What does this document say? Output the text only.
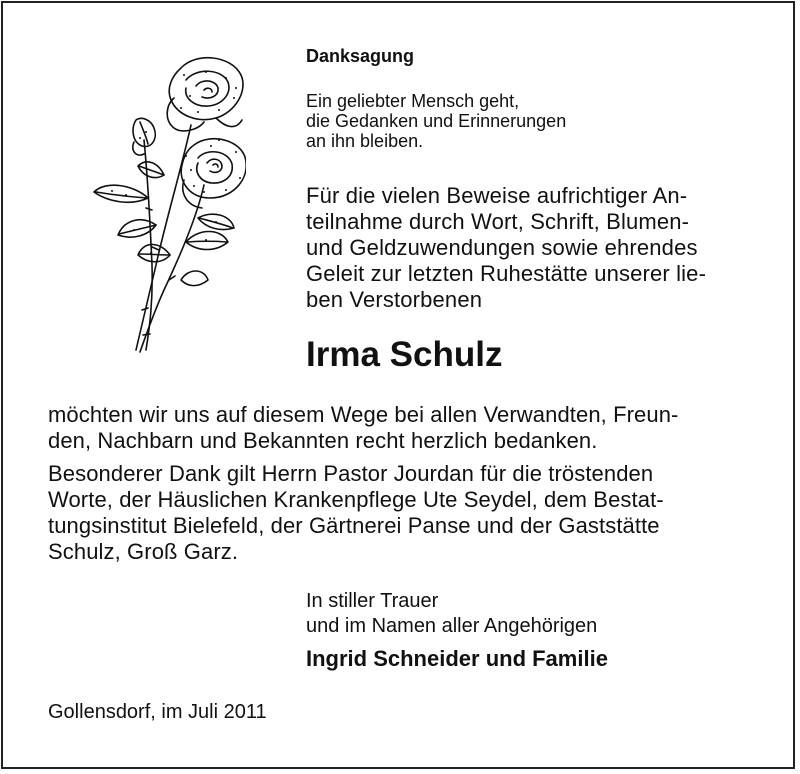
Danksagung
Ein geliebter Mensch geht,
die Gedanken und Erinnerungen
an ihn bleiben.
Für die vielen Beweise aufrichtiger An-
teilnahme durch Wort, Schrift, Blumen-
und Geldzuwendungen sowie ehrendes
Geleit zur letzten Ruhestätte unserer lie-
ben Verstorbenen
Irma Schulz
möchten wir uns auf diesem Wege bei allen Verwandten, Freun-
den, Nachbarn und Bekannten recht herzlich bedanken.
Besonderer Dank gilt Herrn Pastor Jourdan für die tröstenden
Worte, der Häuslichen Krankenpflege Ute Seydel, dem Bestat-
tungsinstitut Bielefeld, der Gärtnerei Panse und der Gaststätte
Schulz, Groß Garz.
In stiller Trauer
und im Namen aller Angehörigen
Ingrid Schneider und Familie
Gollensdorf, im Juli 2011
